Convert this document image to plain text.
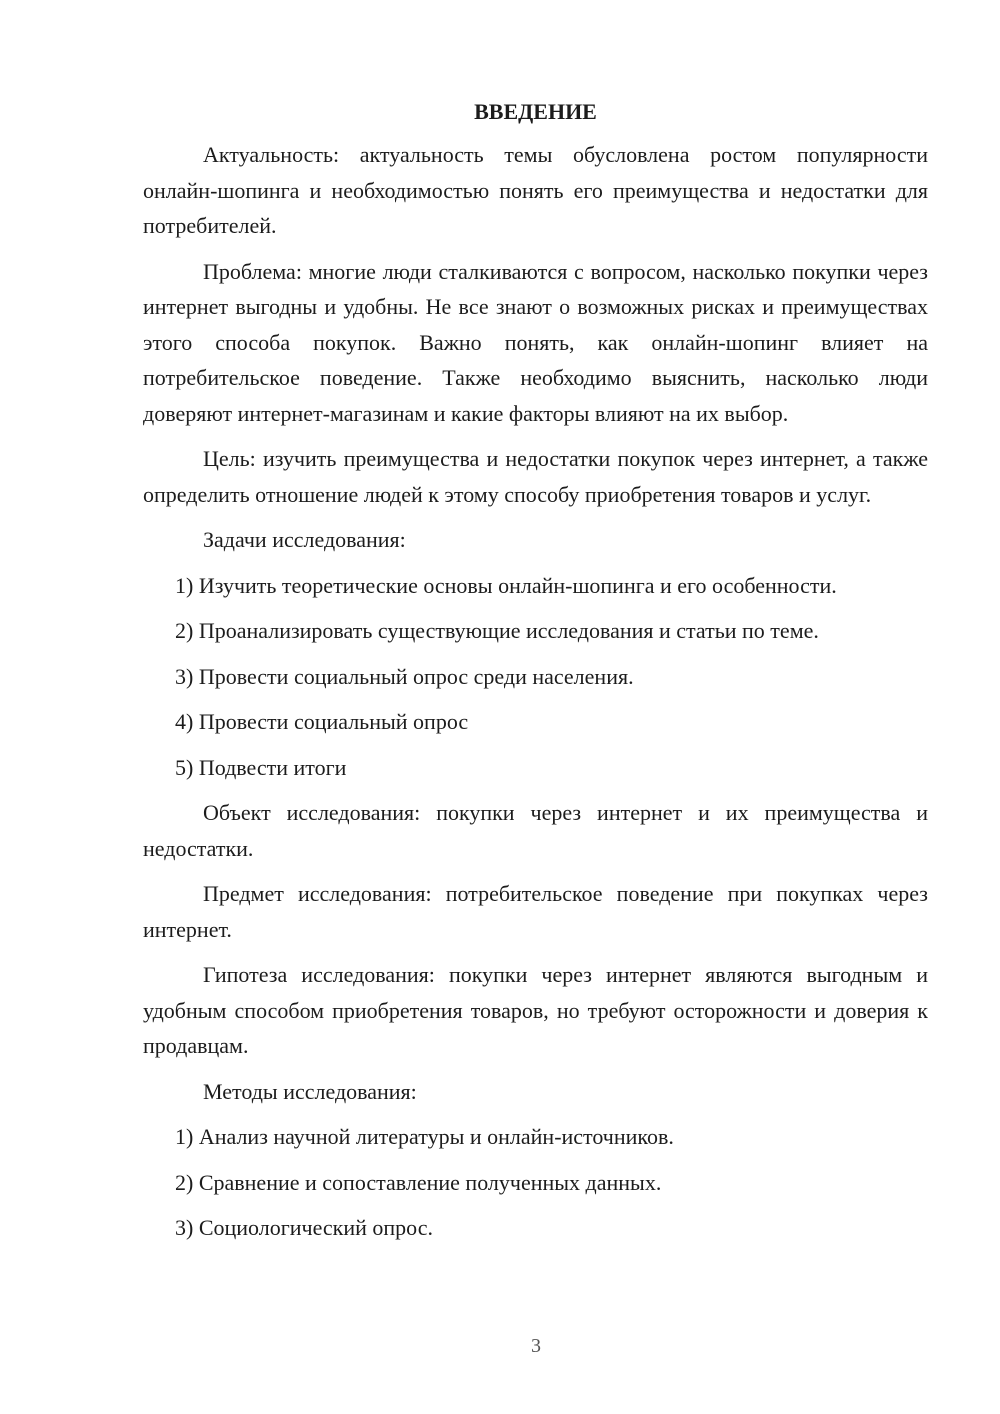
ВВЕДЕНИЕ

Актуальность: актуальность темы обусловлена ростом популярности онлайн-шопинга и необходимостью понять его преимущества и недостатки для потребителей.

Проблема: многие люди сталкиваются с вопросом, насколько покупки через интернет выгодны и удобны. Не все знают о возможных рисках и преимуществах этого способа покупок. Важно понять, как онлайн-шопинг влияет на потребительское поведение. Также необходимо выяснить, насколько люди доверяют интернет-магазинам и какие факторы влияют на их выбор.

Цель: изучить преимущества и недостатки покупок через интернет, а также определить отношение людей к этому способу приобретения товаров и услуг.

Задачи исследования:

1) Изучить теоретические основы онлайн-шопинга и его особенности.
2) Проанализировать существующие исследования и статьи по теме.
3) Провести социальный опрос среди населения.
4) Провести социальный опрос
5) Подвести итоги

Объект исследования: покупки через интернет и их преимущества и недостатки.

Предмет исследования: потребительское поведение при покупках через интернет.

Гипотеза исследования: покупки через интернет являются выгодным и удобным способом приобретения товаров, но требуют осторожности и доверия к продавцам.

Методы исследования:

1) Анализ научной литературы и онлайн-источников.
2) Сравнение и сопоставление полученных данных.
3) Социологический опрос.
3
